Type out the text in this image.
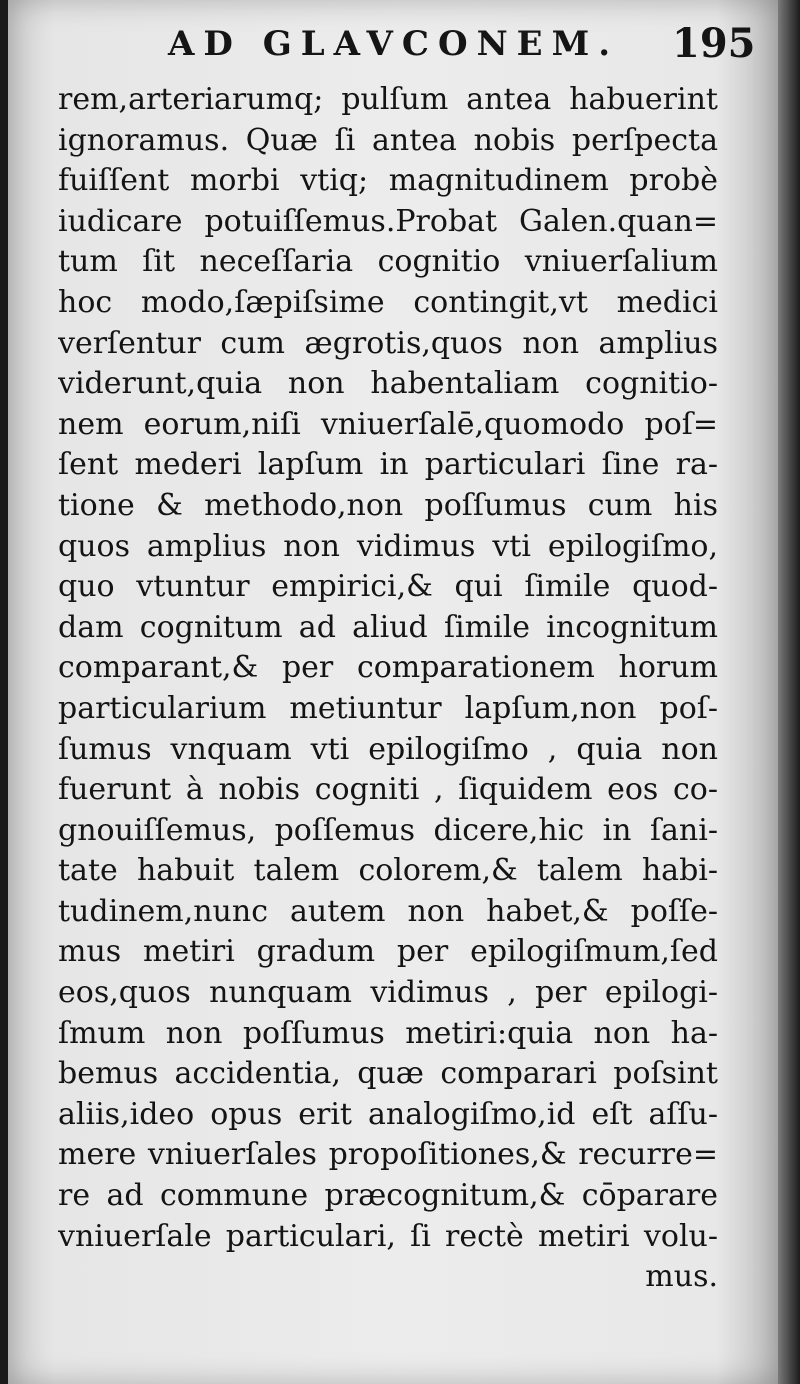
AD GLAVCONEM. 195
rem,arteriarumq; pulſum antea habuerint
ignoramus. Quæ ſi antea nobis perſpecta
fuiſſent morbi vtiq; magnitudinem probè
iudicare potuiſſemus.Probat Galen.quan=
tum ſit neceſſaria cognitio vniuerſalium
hoc modo,ſæpiſsime contingit,vt medici
verſentur cum ægrotis,quos non amplius
viderunt,quia non habentaliam cognitio-
nem eorum,niſi vniuerſalē,quomodo poſ=
ſent mederi lapſum in particulari ſine ra-
tione & methodo,non poſſumus cum his
quos amplius non vidimus vti epilogiſmo,
quo vtuntur empirici,& qui ſimile quod-
dam cognitum ad aliud ſimile incognitum
comparant,& per comparationem horum
particularium metiuntur lapſum,non poſ-
ſumus vnquam vti epilogiſmo , quia non
fuerunt à nobis cogniti , ſiquidem eos co-
gnouiſſemus, poſſemus dicere,hic in ſani-
tate habuit talem colorem,& talem habi-
tudinem,nunc autem non habet,& poſſe-
mus metiri gradum per epilogiſmum,ſed
eos,quos nunquam vidimus , per epilogi-
ſmum non poſſumus metiri:quia non ha-
bemus accidentia, quæ comparari poſsint
aliis,ideo opus erit analogiſmo,id eſt aſſu-
mere vniuerſales propoſitiones,& recurre=
re ad commune præcognitum,& cōparare
vniuerſale particulari, ſi rectè metiri volu-
mus.
